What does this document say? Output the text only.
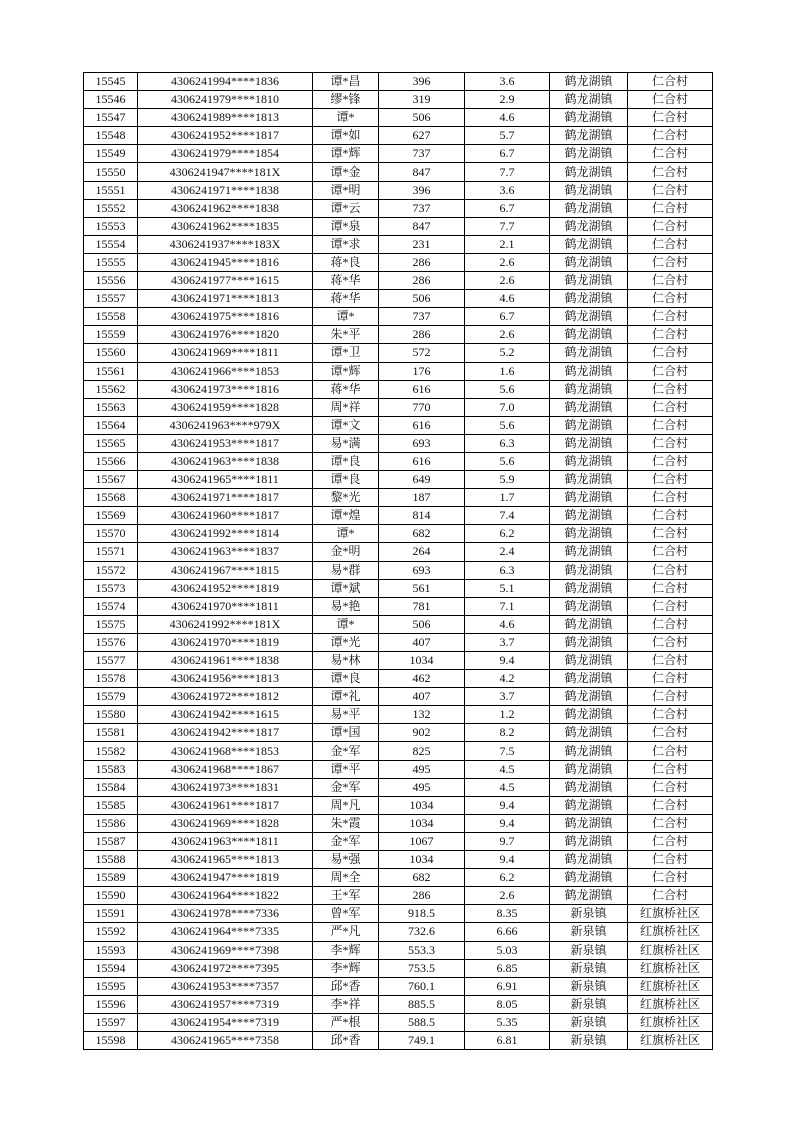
15545	4306241994****1836	谭*昌	396	3.6	鹤龙湖镇	仁合村
15546	4306241979****1810	缪*锋	319	2.9	鹤龙湖镇	仁合村
15547	4306241989****1813	谭*	506	4.6	鹤龙湖镇	仁合村
15548	4306241952****1817	谭*如	627	5.7	鹤龙湖镇	仁合村
15549	4306241979****1854	谭*辉	737	6.7	鹤龙湖镇	仁合村
15550	4306241947****181X	谭*金	847	7.7	鹤龙湖镇	仁合村
15551	4306241971****1838	谭*明	396	3.6	鹤龙湖镇	仁合村
15552	4306241962****1838	谭*云	737	6.7	鹤龙湖镇	仁合村
15553	4306241962****1835	谭*泉	847	7.7	鹤龙湖镇	仁合村
15554	4306241937****183X	谭*求	231	2.1	鹤龙湖镇	仁合村
15555	4306241945****1816	蒋*良	286	2.6	鹤龙湖镇	仁合村
15556	4306241977****1615	蒋*华	286	2.6	鹤龙湖镇	仁合村
15557	4306241971****1813	蒋*华	506	4.6	鹤龙湖镇	仁合村
15558	4306241975****1816	谭*	737	6.7	鹤龙湖镇	仁合村
15559	4306241976****1820	朱*平	286	2.6	鹤龙湖镇	仁合村
15560	4306241969****1811	谭*卫	572	5.2	鹤龙湖镇	仁合村
15561	4306241966****1853	谭*辉	176	1.6	鹤龙湖镇	仁合村
15562	4306241973****1816	蒋*华	616	5.6	鹤龙湖镇	仁合村
15563	4306241959****1828	周*祥	770	7.0	鹤龙湖镇	仁合村
15564	4306241963****979X	谭*文	616	5.6	鹤龙湖镇	仁合村
15565	4306241953****1817	易*满	693	6.3	鹤龙湖镇	仁合村
15566	4306241963****1838	谭*良	616	5.6	鹤龙湖镇	仁合村
15567	4306241965****1811	谭*良	649	5.9	鹤龙湖镇	仁合村
15568	4306241971****1817	黎*光	187	1.7	鹤龙湖镇	仁合村
15569	4306241960****1817	谭*煌	814	7.4	鹤龙湖镇	仁合村
15570	4306241992****1814	谭*	682	6.2	鹤龙湖镇	仁合村
15571	4306241963****1837	金*明	264	2.4	鹤龙湖镇	仁合村
15572	4306241967****1815	易*群	693	6.3	鹤龙湖镇	仁合村
15573	4306241952****1819	谭*斌	561	5.1	鹤龙湖镇	仁合村
15574	4306241970****1811	易*艳	781	7.1	鹤龙湖镇	仁合村
15575	4306241992****181X	谭*	506	4.6	鹤龙湖镇	仁合村
15576	4306241970****1819	谭*光	407	3.7	鹤龙湖镇	仁合村
15577	4306241961****1838	易*林	1034	9.4	鹤龙湖镇	仁合村
15578	4306241956****1813	谭*良	462	4.2	鹤龙湖镇	仁合村
15579	4306241972****1812	谭*礼	407	3.7	鹤龙湖镇	仁合村
15580	4306241942****1615	易*平	132	1.2	鹤龙湖镇	仁合村
15581	4306241942****1817	谭*国	902	8.2	鹤龙湖镇	仁合村
15582	4306241968****1853	金*军	825	7.5	鹤龙湖镇	仁合村
15583	4306241968****1867	谭*平	495	4.5	鹤龙湖镇	仁合村
15584	4306241973****1831	金*军	495	4.5	鹤龙湖镇	仁合村
15585	4306241961****1817	周*凡	1034	9.4	鹤龙湖镇	仁合村
15586	4306241969****1828	朱*霞	1034	9.4	鹤龙湖镇	仁合村
15587	4306241963****1811	金*军	1067	9.7	鹤龙湖镇	仁合村
15588	4306241965****1813	易*强	1034	9.4	鹤龙湖镇	仁合村
15589	4306241947****1819	周*全	682	6.2	鹤龙湖镇	仁合村
15590	4306241964****1822	王*军	286	2.6	鹤龙湖镇	仁合村
15591	4306241978****7336	曾*军	918.5	8.35	新泉镇	红旗桥社区
15592	4306241964****7335	严*凡	732.6	6.66	新泉镇	红旗桥社区
15593	4306241969****7398	李*辉	553.3	5.03	新泉镇	红旗桥社区
15594	4306241972****7395	李*辉	753.5	6.85	新泉镇	红旗桥社区
15595	4306241953****7357	邱*香	760.1	6.91	新泉镇	红旗桥社区
15596	4306241957****7319	李*祥	885.5	8.05	新泉镇	红旗桥社区
15597	4306241954****7319	严*根	588.5	5.35	新泉镇	红旗桥社区
15598	4306241965****7358	邱*香	749.1	6.81	新泉镇	红旗桥社区
